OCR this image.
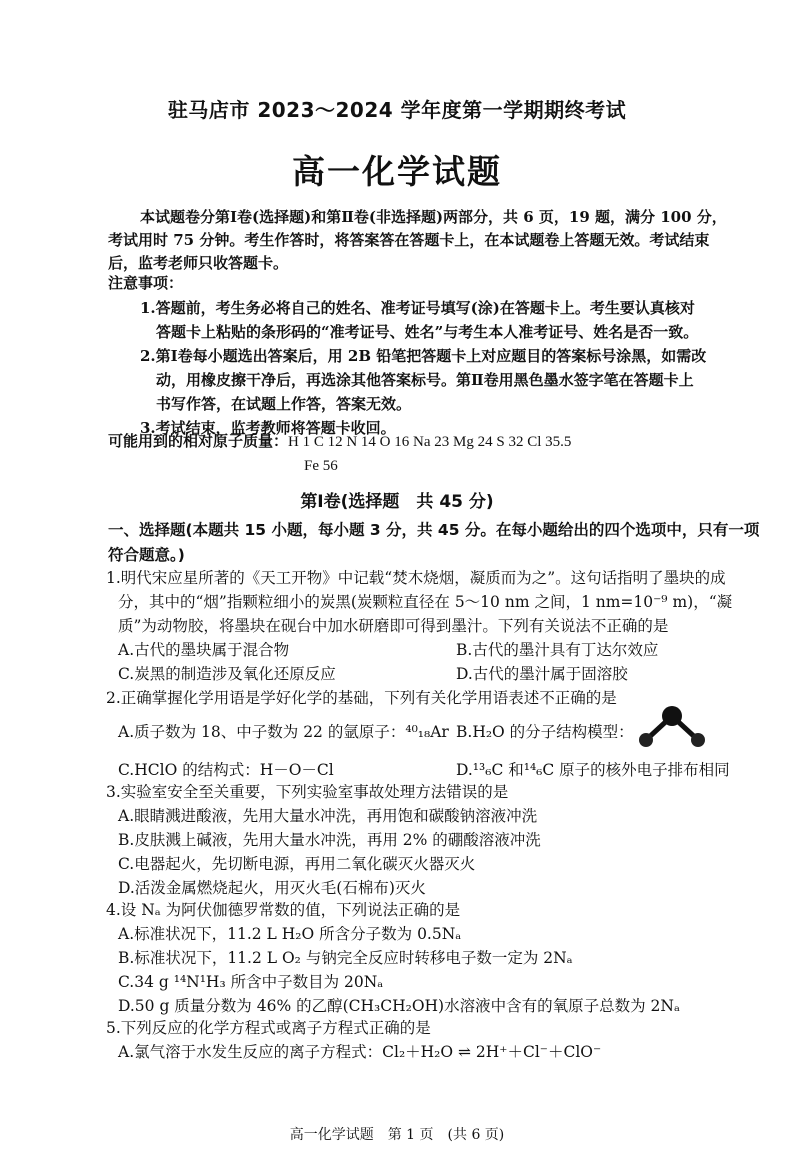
驻马店市 2023～2024 学年度第一学期期终考试
高一化学试题
本试题卷分第Ⅰ卷(选择题)和第Ⅱ卷(非选择题)两部分，共 6 页，19 题，满分 100 分，
考试用时 75 分钟。考生作答时，将答案答在答题卡上，在本试题卷上答题无效。考试结束
后，监考老师只收答题卡。
注意事项：
1.答题前，考生务必将自己的姓名、准考证号填写(涂)在答题卡上。考生要认真核对
答题卡上粘贴的条形码的“准考证号、姓名”与考生本人准考证号、姓名是否一致。
2.第Ⅰ卷每小题选出答案后，用 2B 铅笔把答题卡上对应题目的答案标号涂黑，如需改
动，用橡皮擦干净后，再选涂其他答案标号。第Ⅱ卷用黑色墨水签字笔在答题卡上
书写作答，在试题上作答，答案无效。
3.考试结束，监考教师将答题卡收回。
可能用到的相对原子质量：H 1 C 12 N 14 O 16 Na 23 Mg 24 S 32 Cl 35.5
Fe 56
第Ⅰ卷(选择题　共 45 分)
一、选择题(本题共 15 小题，每小题 3 分，共 45 分。在每小题给出的四个选项中，只有一项
符合题意。)
1.明代宋应星所著的《天工开物》中记载“焚木烧烟，凝质而为之”。这句话指明了墨块的成
分，其中的“烟”指颗粒细小的炭黑(炭颗粒直径在 5～10 nm 之间，1 nm=10⁻⁹ m)，“凝
质”为动物胶，将墨块在砚台中加水研磨即可得到墨汁。下列有关说法不正确的是
A.古代的墨块属于混合物	B.古代的墨汁具有丁达尔效应
C.炭黑的制造涉及氧化还原反应	D.古代的墨汁属于固溶胶
2.正确掌握化学用语是学好化学的基础，下列有关化学用语表述不正确的是
A.质子数为 18、中子数为 22 的氩原子：⁴⁰₁₈Ar B.H₂O 的分子结构模型：
C.HClO 的结构式：H－O－Cl	D.¹³₆C 和¹⁴₆C 原子的核外电子排布相同
3.实验室安全至关重要，下列实验室事故处理方法错误的是
A.眼睛溅进酸液，先用大量水冲洗，再用饱和碳酸钠溶液冲洗
B.皮肤溅上碱液，先用大量水冲洗，再用 2% 的硼酸溶液冲洗
C.电器起火，先切断电源，再用二氧化碳灭火器灭火
D.活泼金属燃烧起火，用灭火毛(石棉布)灭火
4.设 Nₐ 为阿伏伽德罗常数的值，下列说法正确的是
A.标准状况下，11.2 L H₂O 所含分子数为 0.5Nₐ
B.标准状况下，11.2 L O₂ 与钠完全反应时转移电子数一定为 2Nₐ
C.34 g ¹⁴N¹H₃ 所含中子数目为 20Nₐ
D.50 g 质量分数为 46% 的乙醇(CH₃CH₂OH)水溶液中含有的氧原子总数为 2Nₐ
5.下列反应的化学方程式或离子方程式正确的是
A.氯气溶于水发生反应的离子方程式：Cl₂＋H₂O ⇌ 2H⁺＋Cl⁻＋ClO⁻
高一化学试题　第 1 页　(共 6 页)
